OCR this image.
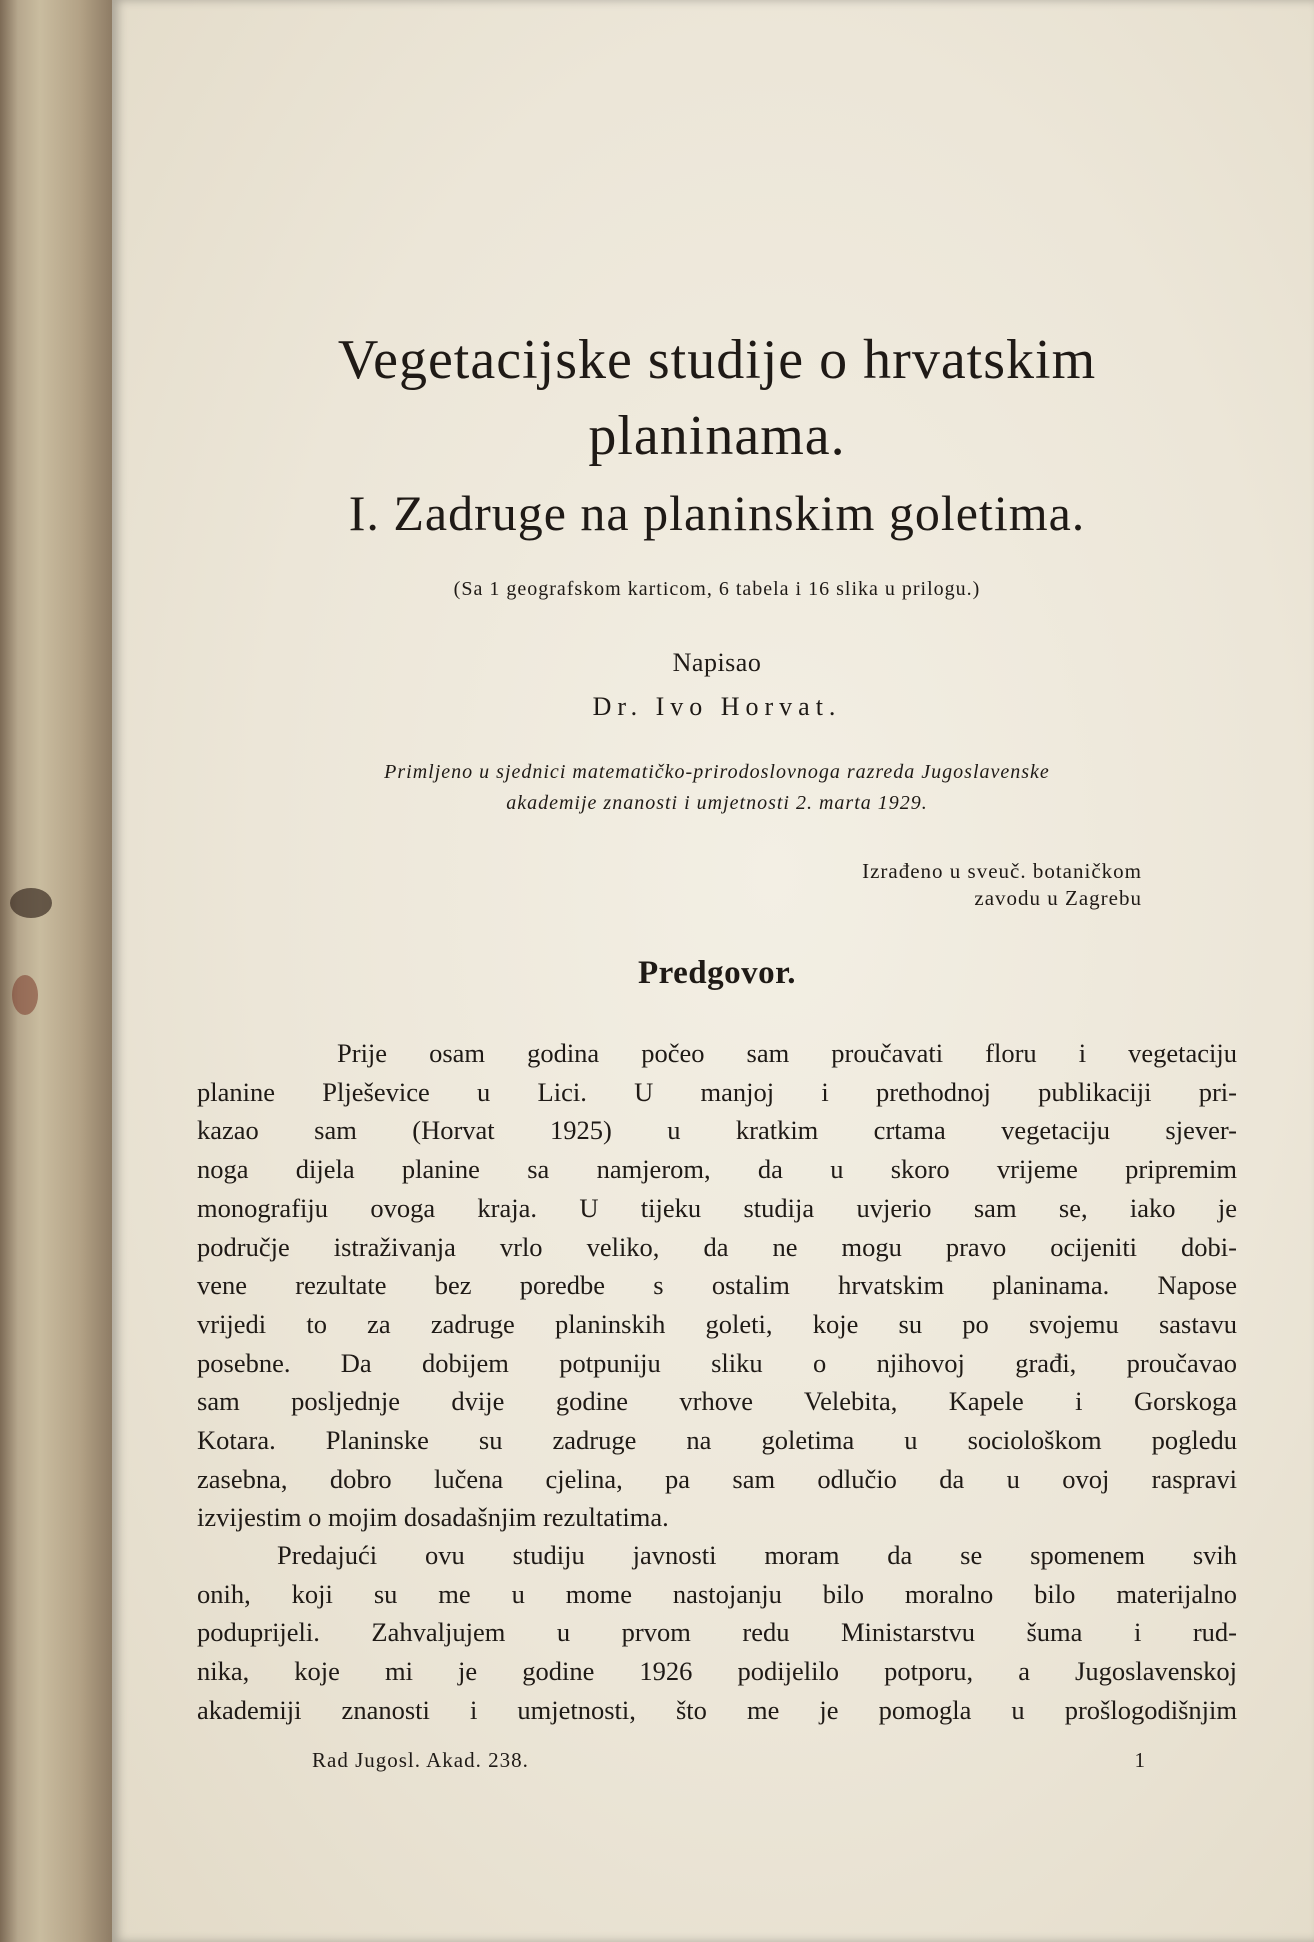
Vegetacijske studije o hrvatskim
planinama.
I. Zadruge na planinskim goletima.
(Sa 1 geografskom karticom, 6 tabela i 16 slika u prilogu.)
Napisao
Dr. Ivo Horvat.
Primljeno u sjednici matematičko-prirodoslovnoga razreda Jugoslavenske
akademije znanosti i umjetnosti 2. marta 1929.
Izrađeno u sveuč. botaničkom
zavodu u Zagrebu
Predgovor.
Prije osam godina počeo sam proučavati floru i vegetaciju
planine Plješevice u Lici. U manjoj i prethodnoj publikaciji pri-
kazao sam (Horvat 1925) u kratkim crtama vegetaciju sjever-
noga dijela planine sa namjerom, da u skoro vrijeme pripremim
monografiju ovoga kraja. U tijeku studija uvjerio sam se, iako je
područje istraživanja vrlo veliko, da ne mogu pravo ocijeniti dobi-
vene rezultate bez poredbe s ostalim hrvatskim planinama. Napose
vrijedi to za zadruge planinskih goleti, koje su po svojemu sastavu
posebne. Da dobijem potpuniju sliku o njihovoj građi, proučavao
sam posljednje dvije godine vrhove Velebita, Kapele i Gorskoga
Kotara. Planinske su zadruge na goletima u sociološkom pogledu
zasebna, dobro lučena cjelina, pa sam odlučio da u ovoj raspravi
izvijestim o mojim dosadašnjim rezultatima.
Predajući ovu studiju javnosti moram da se spomenem svih
onih, koji su me u mome nastojanju bilo moralno bilo materijalno
poduprijeli. Zahvaljujem u prvom redu Ministarstvu šuma i rud-
nika, koje mi je godine 1926 podijelilo potporu, a Jugoslavenskoj
akademiji znanosti i umjetnosti, što me je pomogla u prošlogodišnjim
Rad Jugosl. Akad. 238.	1
